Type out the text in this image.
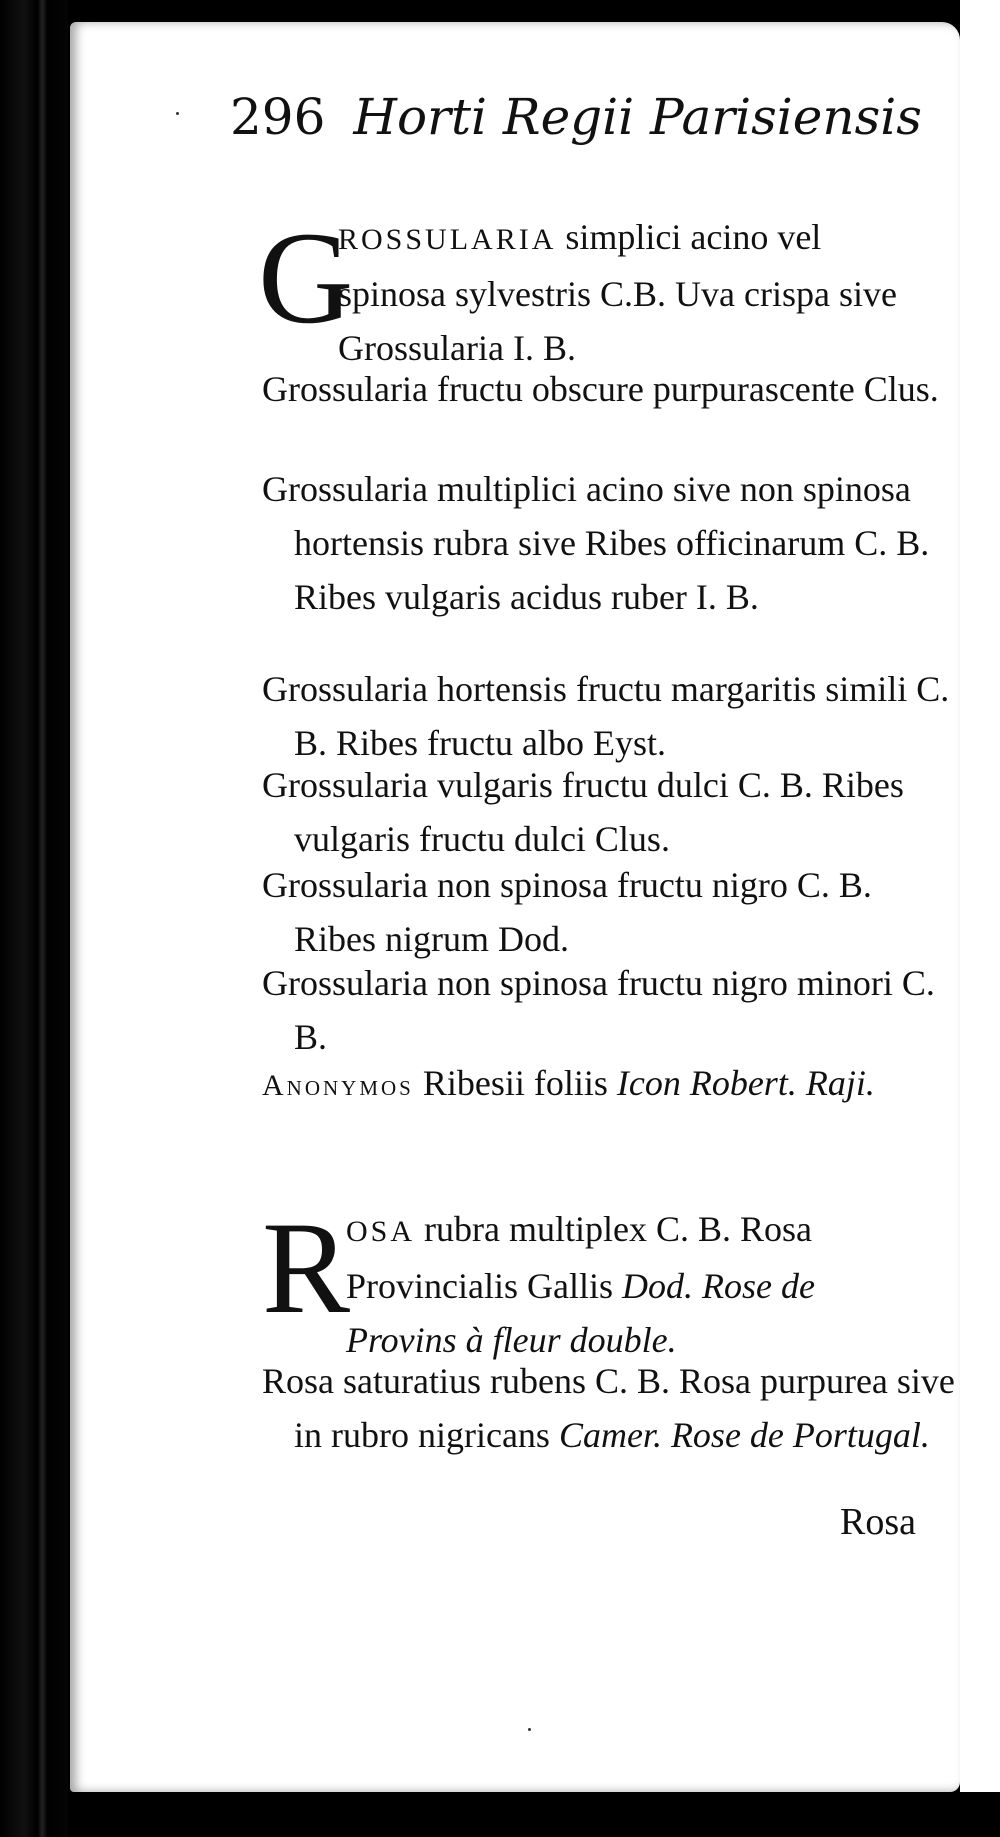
296 Horti Regii Parisiensis
G
ROSSULARIA simplici acino vel spinosa sylvestris C.B. Uva crispa sive Grossularia I. B.
Grossularia fructu obscure purpurascente Clus.
Grossularia multiplici acino sive non spinosa hortensis rubra sive Ribes officinarum C. B. Ribes vulgaris acidus ruber I. B.
Grossularia hortensis fructu margaritis simili C. B. Ribes fructu albo Eyst.
Grossularia vulgaris fructu dulci C. B. Ribes vulgaris fructu dulci Clus.
Grossularia non spinosa fructu nigro C. B. Ribes nigrum Dod.
Grossularia non spinosa fructu nigro minori C. B.
Anonymos Ribesii foliis Icon Robert. Raji.
R
OSA rubra multiplex C. B. Rosa Provincialis Gallis Dod. Rose de Provins à fleur double.
Rosa saturatius rubens C. B. Rosa purpurea sive in rubro nigricans Camer. Rose de Portugal.
Rosa
